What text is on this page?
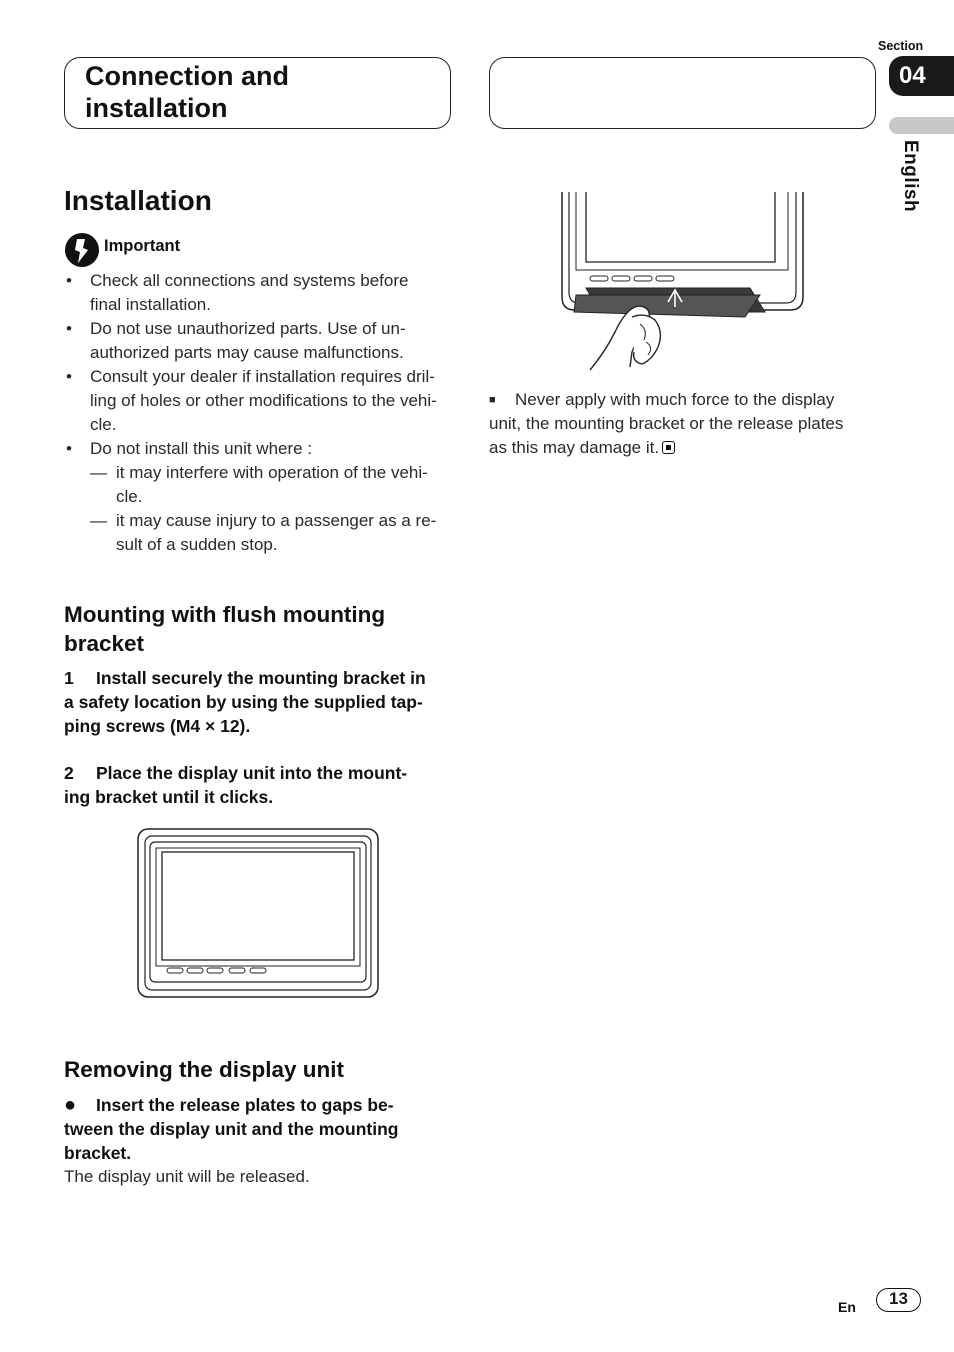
Connection and
installation
Section
04
English
Installation
Important
• Check all connections and systems before
final installation.
• Do not use unauthorized parts. Use of un-
authorized parts may cause malfunctions.
• Consult your dealer if installation requires dril-
ling of holes or other modifications to the vehi-
cle.
• Do not install this unit where :
— it may interfere with operation of the vehi-
cle.
— it may cause injury to a passenger as a re-
sult of a sudden stop.
Mounting with flush mounting
bracket
1 Install securely the mounting bracket in
a safety location by using the supplied tap-
ping screws (M4 × 12).
2 Place the display unit into the mount-
ing bracket until it clicks.
Removing the display unit
● Insert the release plates to gaps be-
tween the display unit and the mounting
bracket.
The display unit will be released.
■ Never apply with much force to the display
unit, the mounting bracket or the release plates
as this may damage it.
En	13
